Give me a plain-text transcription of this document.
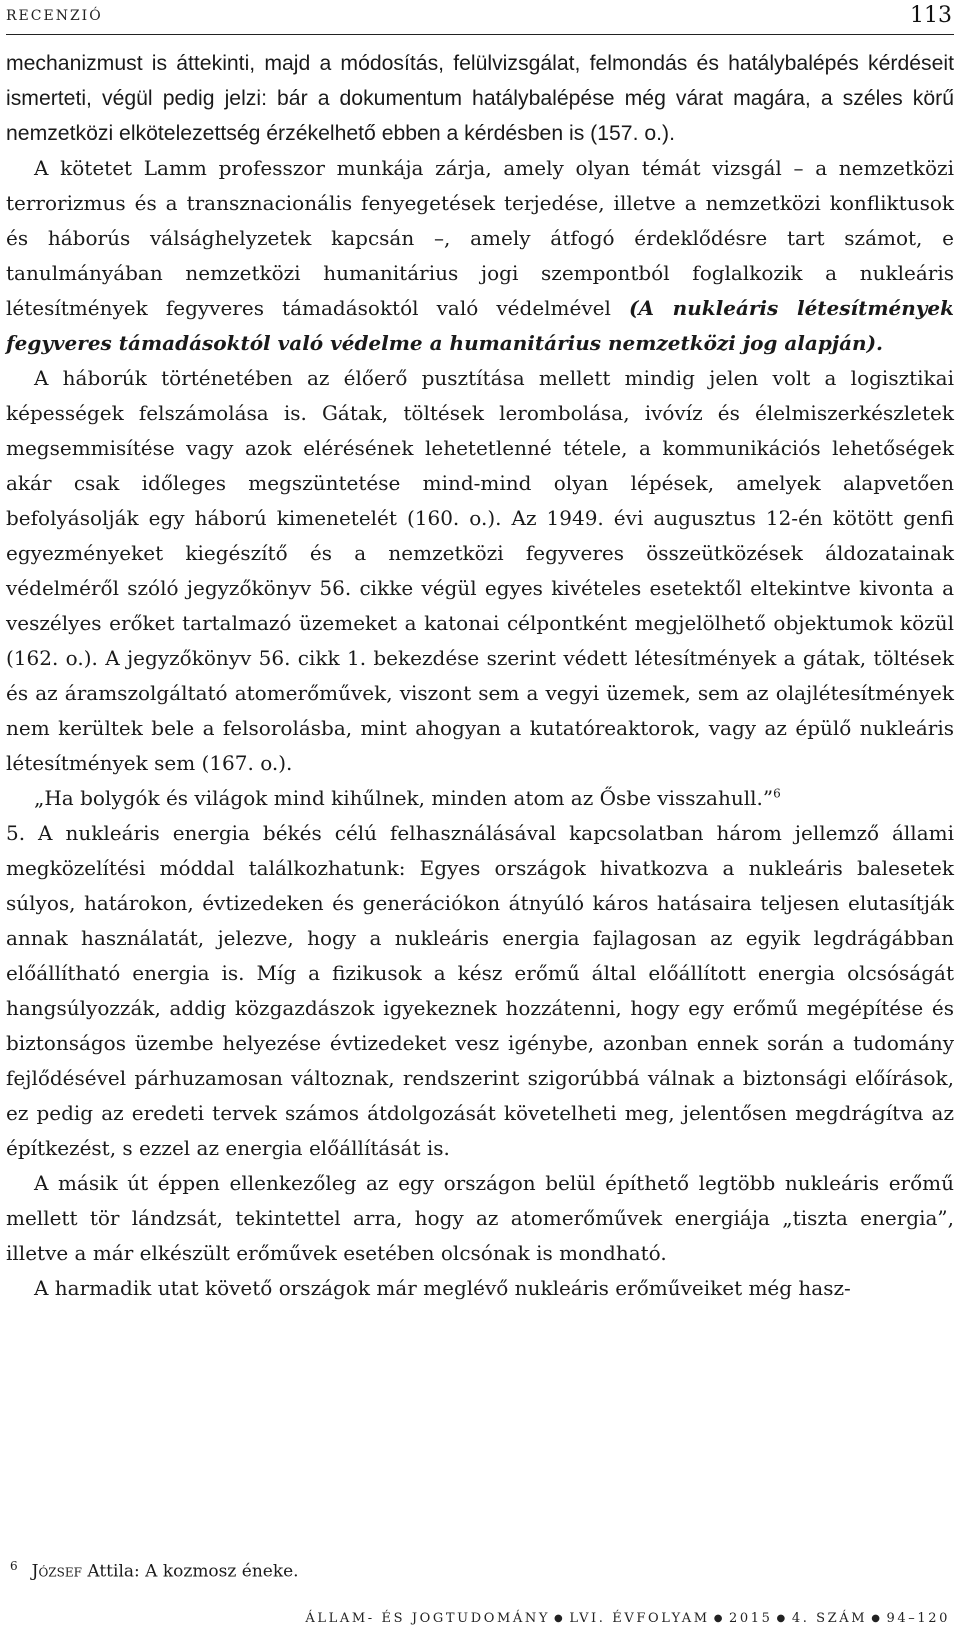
RECENZIÓ	113

mechanizmust is áttekinti, majd a módosítás, felülvizsgálat, felmondás és hatálybalépés kérdéseit ismerteti, végül pedig jelzi: bár a dokumentum hatálybalépése még várat magára, a széles körű nemzetközi elkötelezettség érzékelhető ebben a kérdésben is (157. o.).

A kötetet Lamm professzor munkája zárja, amely olyan témát vizsgál – a nemzetközi terrorizmus és a transznacionális fenyegetések terjedése, illetve a nemzetközi konfliktusok és háborús válsághelyzetek kapcsán –, amely átfogó érdeklődésre tart számot, e tanulmányában nemzetközi humanitárius jogi szempontból foglalkozik a nukleáris létesítmények fegyveres támadásoktól való védelmével (A nukleáris létesítmények fegyveres támadásoktól való védelme a humanitárius nemzetközi jog alapján).

A háborúk történetében az élőerő pusztítása mellett mindig jelen volt a logisztikai képességek felszámolása is. Gátak, töltések lerombolása, ivóvíz és élelmiszerkészletek megsemmisítése vagy azok elérésének lehetetlenné tétele, a kommunikációs lehetőségek akár csak időleges megszüntetése mind-mind olyan lépések, amelyek alapvetően befolyásolják egy háború kimenetelét (160. o.). Az 1949. évi augusztus 12-én kötött genfi egyezményeket kiegészítő és a nemzetközi fegyveres összeütközések áldozatainak védelméről szóló jegyzőkönyv 56. cikke végül egyes kivételes esetektől eltekintve kivonta a veszélyes erőket tartalmazó üzemeket a katonai célpontként megjelölhető objektumok közül (162. o.). A jegyzőkönyv 56. cikk 1. bekezdése szerint védett létesítmények a gátak, töltések és az áramszolgáltató atomerőművek, viszont sem a vegyi üzemek, sem az olajlétesítmények nem kerültek bele a felsorolásba, mint ahogyan a kutatóreaktorok, vagy az épülő nukleáris létesítmények sem (167. o.).

„Ha bolygók és világok mind kihűlnek, minden atom az Ősbe visszahull.”$^6$

5. A nukleáris energia békés célú felhasználásával kapcsolatban három jellemző állami megközelítési móddal találkozhatunk: Egyes országok hivatkozva a nukleáris balesetek súlyos, határokon, évtizedeken és generációkon átnyúló káros hatásaira teljesen elutasítják annak használatát, jelezve, hogy a nukleáris energia fajlagosan az egyik legdrágábban előállítható energia is. Míg a fizikusok a kész erőmű által előállított energia olcsóságát hangsúlyozzák, addig közgazdászok igyekeznek hozzátenni, hogy egy erőmű megépítése és biztonságos üzembe helyezése évtizedeket vesz igénybe, azonban ennek során a tudomány fejlődésével párhuzamosan változnak, rendszerint szigorúbbá válnak a biztonsági előírások, ez pedig az eredeti tervek számos átdolgozását követelheti meg, jelentősen megdrágítva az építkezést, s ezzel az energia előállítását is.

A másik út éppen ellenkezőleg az egy országon belül építhető legtöbb nukleáris erőmű mellett tör lándzsát, tekintettel arra, hogy az atomerőművek energiája „tiszta energia”, illetve a már elkészült erőművek esetében olcsónak is mondható.

A harmadik utat követő országok már meglévő nukleáris erőműveiket még hasz-

$^6$ József Attila: A kozmosz éneke.
ÁLLAM- ÉS JOGTUDOMÁNY ● LVI. ÉVFOLYAM ● 2015 ● 4. SZÁM ● 94–120
